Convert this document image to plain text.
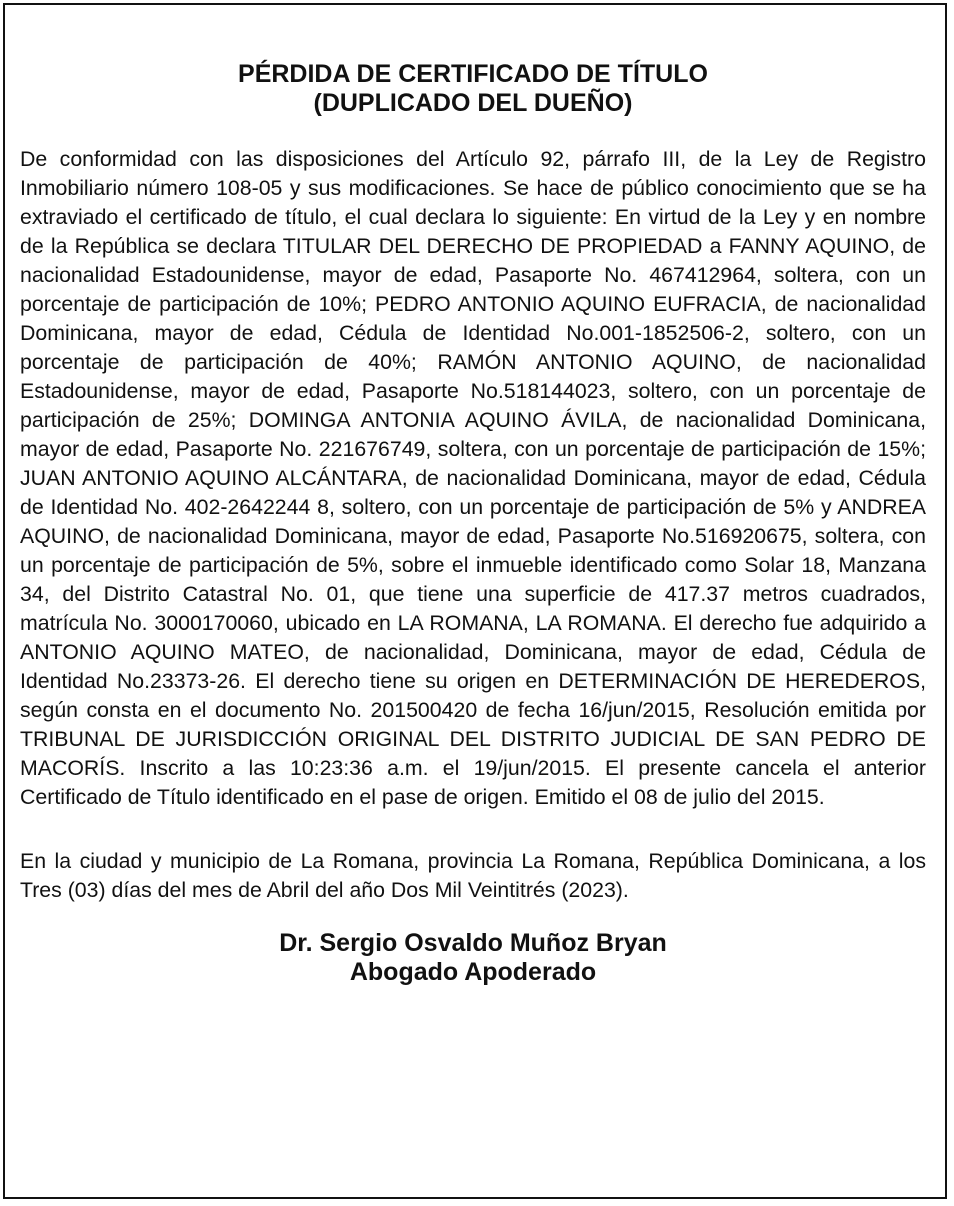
PÉRDIDA DE CERTIFICADO DE TÍTULO
(DUPLICADO DEL DUEÑO)

De conformidad con las disposiciones del Artículo 92, párrafo III, de la Ley de Registro Inmobiliario número 108-05 y sus modificaciones. Se hace de público conocimiento que se ha extraviado el certificado de título, el cual declara lo siguiente: En virtud de la Ley y en nombre de la República se declara TITULAR DEL DERECHO DE PROPIEDAD a FANNY AQUINO, de nacionalidad Estadounidense, mayor de edad, Pasaporte No. 467412964, soltera, con un porcentaje de participación de 10%; PEDRO ANTONIO AQUINO EUFRACIA, de nacionalidad Dominicana, mayor de edad, Cédula de Identidad No.001-1852506-2, soltero, con un porcentaje de participación de 40%; RAMÓN ANTONIO AQUINO, de nacionalidad Estadounidense, mayor de edad, Pasaporte No.518144023, soltero, con un porcentaje de participación de 25%; DOMINGA ANTONIA AQUINO ÁVILA, de nacionalidad Dominicana, mayor de edad, Pasaporte No. 221676749, soltera, con un porcentaje de participación de 15%; JUAN ANTONIO AQUINO ALCÁNTARA, de nacionalidad Dominicana, mayor de edad, Cédula de Identidad No. 402-2642244 8, soltero, con un porcentaje de participación de 5% y ANDREA AQUINO, de nacionalidad Dominicana, mayor de edad, Pasaporte No.516920675, soltera, con un porcentaje de participación de 5%, sobre el inmueble identificado como Solar 18, Manzana 34, del Distrito Catastral No. 01, que tiene una superficie de 417.37 metros cuadrados, matrícula No. 3000170060, ubicado en LA ROMANA, LA ROMANA. El derecho fue adquirido a ANTONIO AQUINO MATEO, de nacionalidad, Dominicana, mayor de edad, Cédula de Identidad No.23373-26. El derecho tiene su origen en DETERMINACIÓN DE HEREDEROS, según consta en el documento No. 201500420 de fecha 16/jun/2015, Resolución emitida por TRIBUNAL DE JURISDICCIÓN ORIGINAL DEL DISTRITO JUDICIAL DE SAN PEDRO DE MACORÍS. Inscrito a las 10:23:36 a.m. el 19/jun/2015. El presente cancela el anterior Certificado de Título identificado en el pase de origen. Emitido el 08 de julio del 2015.

En la ciudad y municipio de La Romana, provincia La Romana, República Dominicana, a los Tres (03) días del mes de Abril del año Dos Mil Veintitrés (2023).

Dr. Sergio Osvaldo Muñoz Bryan
Abogado Apoderado
